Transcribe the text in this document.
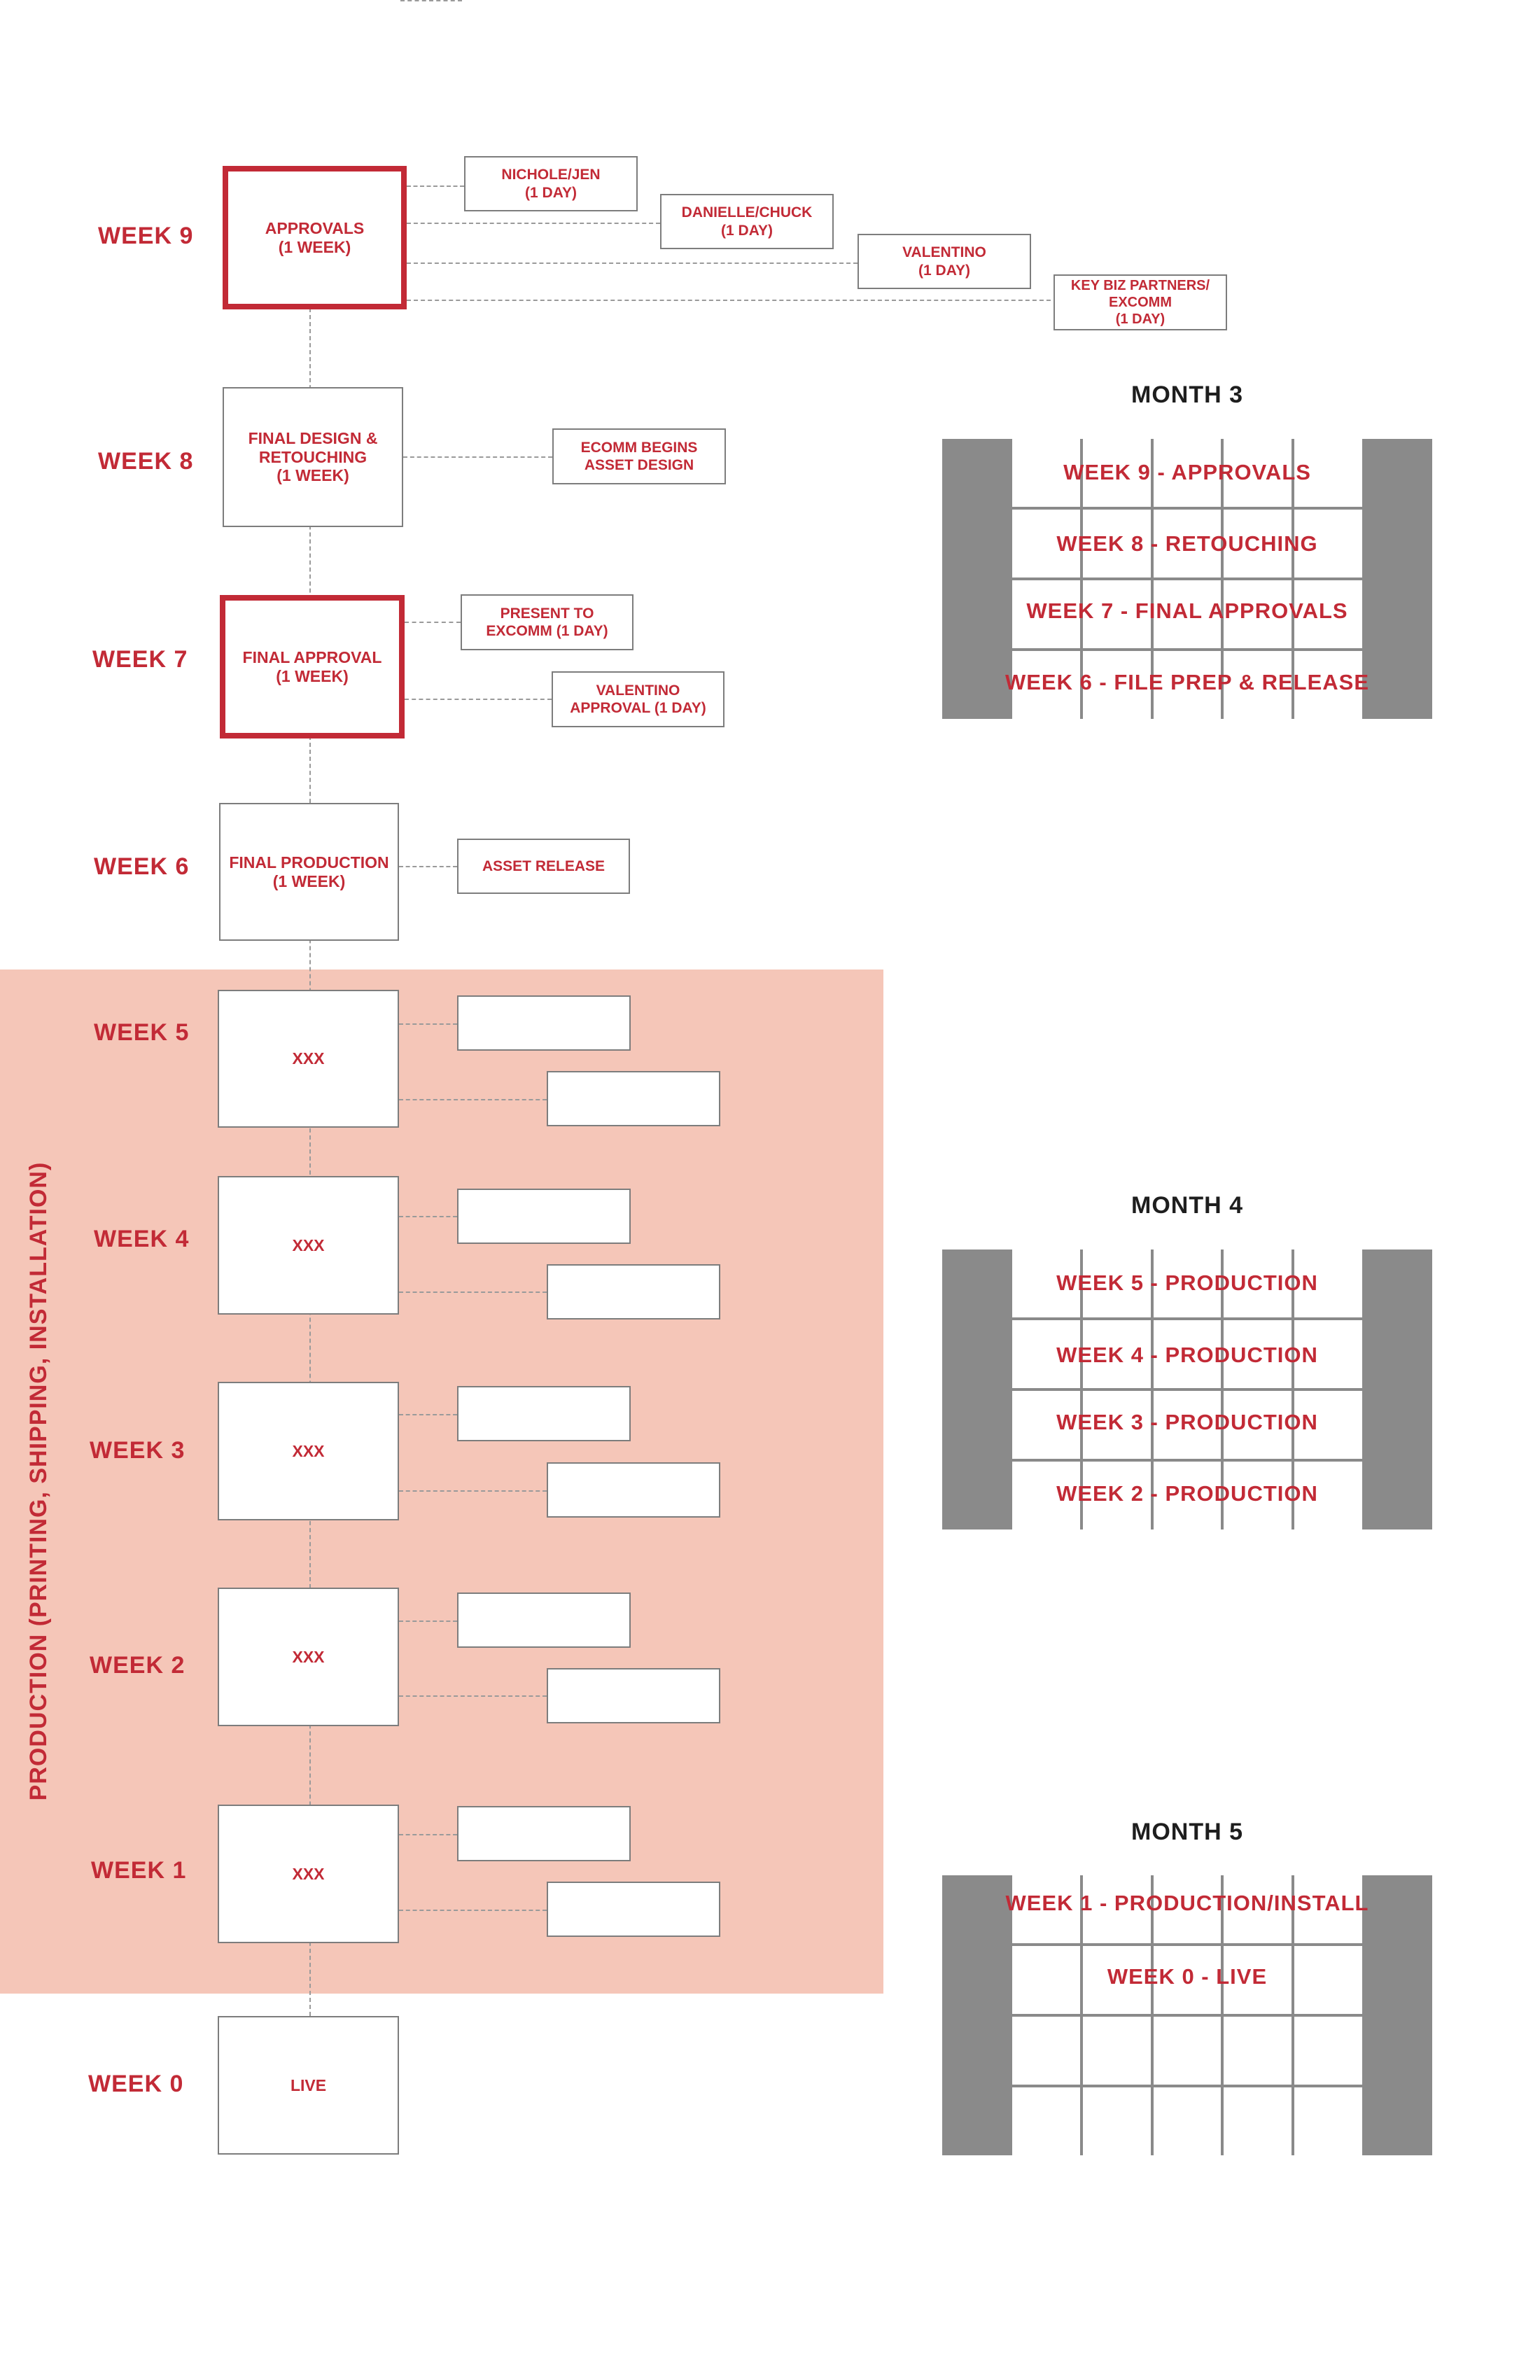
PRODUCTION (PRINTING, SHIPPING, INSTALLATION)
WEEK 9	APPROVALS
(1 WEEK)
NICHOLE/JEN
(1 DAY)
DANIELLE/CHUCK
(1 DAY)
VALENTINO
(1 DAY)
KEY BIZ PARTNERS/
EXCOMM
(1 DAY)
WEEK 8
FINAL DESIGN &
RETOUCHING
(1 WEEK)
ECOMM BEGINS
ASSET DESIGN
WEEK 7	FINAL APPROVAL
(1 WEEK)
PRESENT TO
EXCOMM (1 DAY)
VALENTINO
APPROVAL (1 DAY)
WEEK 6	FINAL PRODUCTION
(1 WEEK)
ASSET RELEASE
WEEK 5
XXX
WEEK 4	XXX
WEEK 3	XXX
WEEK 2	XXX
WEEK 1	XXX
WEEK 0	LIVE
MONTH 3
WEEK 9 - APPROVALS
WEEK 8 - RETOUCHING
WEEK 7 - FINAL APPROVALS
WEEK 6 - FILE PREP & RELEASE
MONTH 4
WEEK 5 - PRODUCTION
WEEK 4 - PRODUCTION
WEEK 3 - PRODUCTION
WEEK 2 - PRODUCTION
MONTH 5
WEEK 1 - PRODUCTION/INSTALL
WEEK 0 - LIVE
